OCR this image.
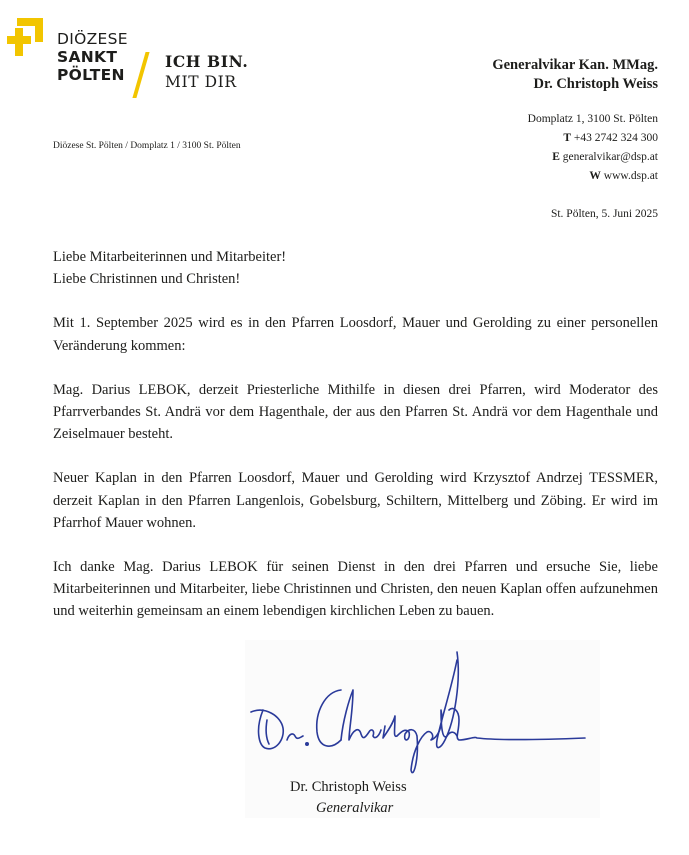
DIÖZESE
SANKT
PÖLTEN
ICH BIN.
MIT DIR
Generalvikar Kan. MMag.
Dr. Christoph Weiss
Diözese St. Pölten / Domplatz 1 / 3100 St. Pölten
Domplatz 1, 3100 St. Pölten
T +43 2742 324 300
E generalvikar@dsp.at
W www.dsp.at
St. Pölten, 5. Juni 2025

Liebe Mitarbeiterinnen und Mitarbeiter!
Liebe Christinnen und Christen!

Mit 1. September 2025 wird es in den Pfarren Loosdorf, Mauer und Gerolding zu einer personellen Veränderung kommen:

Mag. Darius LEBOK, derzeit Priesterliche Mithilfe in diesen drei Pfarren, wird Moderator des Pfarrverbandes St. Andrä vor dem Hagenthale, der aus den Pfarren St. Andrä vor dem Hagenthale und Zeiselmauer besteht.

Neuer Kaplan in den Pfarren Loosdorf, Mauer und Gerolding wird Krzysztof Andrzej TESSMER, derzeit Kaplan in den Pfarren Langenlois, Gobelsburg, Schiltern, Mittelberg und Zöbing. Er wird im Pfarrhof Mauer wohnen.

Ich danke Mag. Darius LEBOK für seinen Dienst in den drei Pfarren und ersuche Sie, liebe Mitarbeiterinnen und Mitarbeiter, liebe Christinnen und Christen, den neuen Kaplan offen aufzunehmen und weiterhin gemeinsam an einem lebendigen kirchlichen Leben zu bauen.

Dr. Christoph Weiss
Generalvikar
